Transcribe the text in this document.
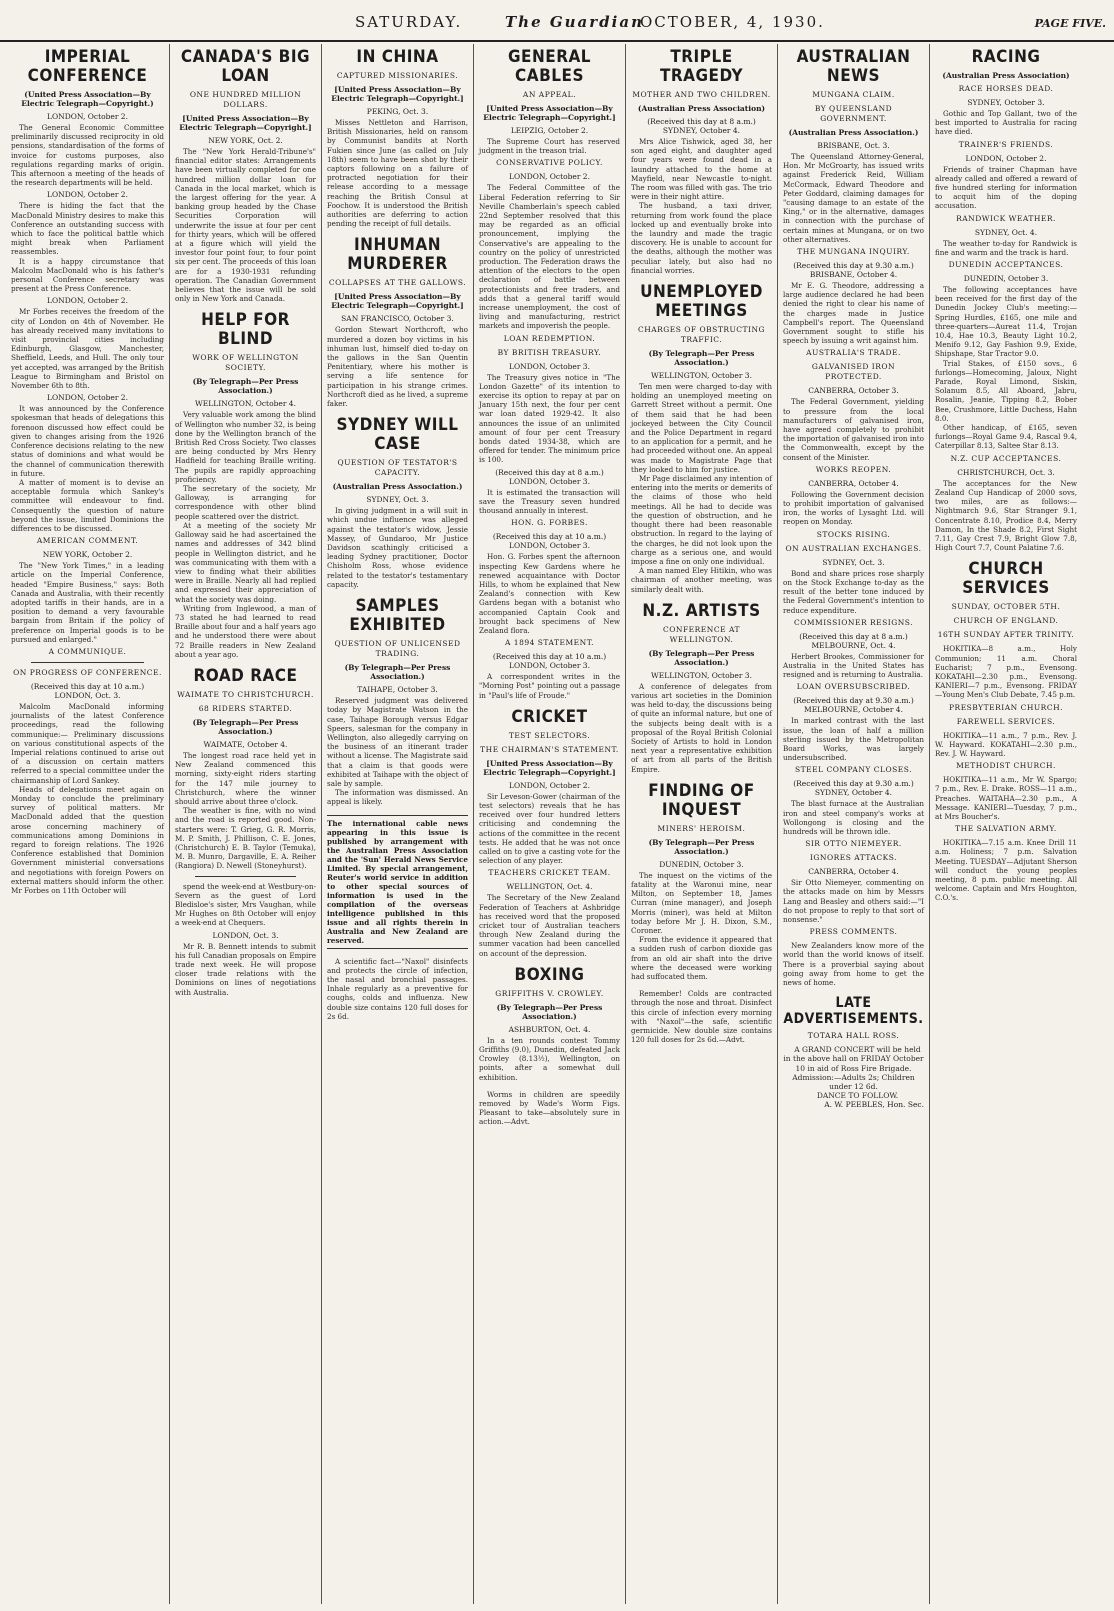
SATURDAY.	The Guardian
OCTOBER, 4, 1930.	PAGE FIVE.
IMPERIAL CONFERENCE
(United Press Association—By Electric Telegraph—Copyright.)
LONDON, October 2.

The General Economic Committee preliminarily discussed reciprocity in old pensions, standardisation of the forms of invoice for customs purposes, also regulations regarding marks of origin. This afternoon a meeting of the heads of the research departments will be held.

LONDON, October 2.

There is hiding the fact that the MacDonald Ministry desires to make this Conference an outstanding success with which to face the political battle which might break when Parliament reassembles.

It is a happy circumstance that Malcolm MacDonald who is his father's personal Conference secretary was present at the Press Conference.

LONDON, October 2.

Mr Forbes receives the freedom of the city of London on 4th of November. He has already received many invitations to visit provincial cities including Edinburgh, Glasgow, Manchester, Sheffield, Leeds, and Hull. The only tour yet accepted, was arranged by the British League to Birmingham and Bristol on November 6th to 8th.

LONDON, October 2.

It was announced by the Conference spokesman that heads of delegations this forenoon discussed how effect could be given to changes arising from the 1926 Conference decisions relating to the new status of dominions and what would be the channel of communication therewith in future.

A matter of moment is to devise an acceptable formula which Sankey's committee will endeavour to find. Consequently the question of nature beyond the issue, limited Dominions the differences to be discussed.

AMERICAN COMMENT.
NEW YORK, October 2.

The "New York Times," in a leading article on the Imperial Conference, headed "Empire Business," says: Both Canada and Australia, with their recently adopted tariffs in their hands, are in a position to demand a very favourable bargain from Britain if the policy of preference on Imperial goods is to be pursued and enlarged."

A COMMUNIQUE.
ON PROGRESS OF CONFERENCE.
(Received this day at 10 a.m.) LONDON, Oct. 3.

Malcolm MacDonald informing journalists of the latest Conference proceedings, read the following communique:— Preliminary discussions on various constitutional aspects of the Imperial relations continued to arise out of a discussion on certain matters referred to a special committee under the chairmanship of Lord Sankey.

Heads of delegations meet again on Monday to conclude the preliminary survey of political matters. Mr MacDonald added that the question arose concerning machinery of communications among Dominions in regard to foreign relations. The 1926 Conference established that Dominion Government ministerial conversations and negotiations with foreign Powers on external matters should inform the other. Mr Forbes on 11th October will

CANADA'S BIG LOAN
ONE HUNDRED MILLION DOLLARS.
[United Press Association—By Electric Telegraph—Copyright.]
NEW YORK, Oct. 2.

The "New York Herald-Tribune's" financial editor states: Arrangements have been virtually completed for one hundred million dollar loan for Canada in the local market, which is the largest offering for the year. A banking group headed by the Chase Securities Corporation will underwrite the issue at four per cent for thirty years, which will be offered at a figure which will yield the investor four point four, to four point six per cent. The proceeds of this loan are for a 1930-1931 refunding operation. The Canadian Government believes that the issue will be sold only in New York and Canada.

HELP FOR BLIND
WORK OF WELLINGTON SOCIETY.
(By Telegraph—Per Press Association.)
WELLINGTON, October 4.

Very valuable work among the blind of Wellington who number 32, is being done by the Wellington branch of the British Red Cross Society. Two classes are being conducted by Mrs Henry Hadfield for teaching Braille writing. The pupils are rapidly approaching proficiency.

The secretary of the society, Mr Galloway, is arranging for correspondence with other blind people scattered over the district.

At a meeting of the society Mr Galloway said he had ascertained the names and addresses of 342 blind people in Wellington district, and he was communicating with them with a view to finding what their abilities were in Braille. Nearly all had replied and expressed their appreciation of what the society was doing.

Writing from Inglewood, a man of 73 stated he had learned to read Braille about four and a half years ago and he understood there were about 72 Braille readers in New Zealand about a year ago.

ROAD RACE
WAIMATE TO CHRISTCHURCH.
68 RIDERS STARTED.
(By Telegraph—Per Press Association.)
WAIMATE, October 4.

The longest road race held yet in New Zealand commenced this morning, sixty-eight riders starting for the 147 mile journey to Christchurch, where the winner should arrive about three o'clock.

The weather is fine, with no wind and the road is reported good. Non-starters were: T. Grieg, G. R. Morris, M. P. Smith, J. Phillison, C. E. Jones, (Christchurch) E. B. Taylor (Temuka), M. B. Munro, Dargaville, E. A. Reiher (Rangiora) D. Newell (Stoneyhurst).

spend the week-end at Westbury-on-Severn as the guest of Lord Bledisloe's sister, Mrs Vaughan, while Mr Hughes on 8th October will enjoy a week-end at Chequers.

LONDON, Oct. 3.

Mr R. B. Bennett intends to submit his full Canadian proposals on Empire trade next week. He will propose closer trade relations with the Dominions on lines of negotiations with Australia.

IN CHINA
CAPTURED MISSIONARIES.
[United Press Association—By Electric Telegraph—Copyright.]
PEKING, Oct. 3.

Misses Nettleton and Harrison, British Missionaries, held on ransom by Communist bandits at North Fukien since June (as called on July 18th) seem to have been shot by their captors following on a failure of protracted negotiation for their release according to a message reaching the British Consul at Foochow. It is understood the British authorities are deferring to action pending the receipt of full details.

INHUMAN MURDERER
COLLAPSES AT THE GALLOWS.
[United Press Association—By Electric Telegraph—Copyright.]
SAN FRANCISCO, October 3.

Gordon Stewart Northcroft, who murdered a dozen boy victims in his inhuman lust, himself died to-day on the gallows in the San Quentin Penitentiary, where his mother is serving a life sentence for participation in his strange crimes. Northcroft died as he lived, a supreme faker.

SYDNEY WILL CASE
QUESTION OF TESTATOR'S CAPACITY.
(Australian Press Association.)
SYDNEY, Oct. 3.

In giving judgment in a will suit in which undue influence was alleged against the testator's widow, Jessie Massey, of Gundaroo, Mr Justice Davidson scathingly criticised a leading Sydney practitioner, Doctor Chisholm Ross, whose evidence related to the testator's testamentary capacity.

SAMPLES EXHIBITED
QUESTION OF UNLICENSED TRADING.
(By Telegraph—Per Press Association.)
TAIHAPE, October 3.

Reserved judgment was delivered today by Magistrate Watson in the case, Taihape Borough versus Edgar Speers, salesman for the company in Wellington, also allegedly carrying on the business of an itinerant trader without a license. The Magistrate said that a claim is that goods were exhibited at Taihape with the object of sale by sample.

The information was dismissed. An appeal is likely.

The international cable news appearing in this issue is published by arrangement with the Australian Press Association and the 'Sun' Herald News Service Limited. By special arrangement, Reuter's world service in addition to other special sources of information is used in the compilation of the overseas intelligence published in this issue and all rights therein in Australia and New Zealand are reserved.

A scientific fact—"Naxol" disinfects and protects the circle of infection, the nasal and bronchial passages. Inhale regularly as a preventive for coughs, colds and influenza. New double size contains 120 full doses for 2s 6d.

GENERAL CABLES
AN APPEAL.
[United Press Association—By Electric Telegraph—Copyright.]
LEIPZIG, October 2.

The Supreme Court has reserved judgment in the treason trial.

CONSERVATIVE POLICY.
LONDON, October 2.

The Federal Committee of the Liberal Federation referring to Sir Neville Chamberlain's speech cabled 22nd September resolved that this may be regarded as an official pronouncement, implying the Conservative's are appealing to the country on the policy of unrestricted production. The Federation draws the attention of the electors to the open declaration of battle between protectionists and free traders, and adds that a general tariff would increase unemployment, the cost of living and manufacturing, restrict markets and impoverish the people.

LOAN REDEMPTION.
BY BRITISH TREASURY.
LONDON, October 3.

The Treasury gives notice in "The London Gazette" of its intention to exercise its option to repay at par on January 15th next, the four per cent war loan dated 1929-42. It also announces the issue of an unlimited amount of four per cent Treasury bonds dated 1934-38, which are offered for tender. The minimum price is 100.

(Received this day at 8 a.m.) LONDON, October 3.

It is estimated the transaction will save the Treasury seven hundred thousand annually in interest.

HON. G. FORBES.
(Received this day at 10 a.m.) LONDON, October 3.

Hon. G. Forbes spent the afternoon inspecting Kew Gardens where he renewed acquaintance with Doctor Hills, to whom he explained that New Zealand's connection with Kew Gardens began with a botanist who accompanied Captain Cook and brought back specimens of New Zealand flora.

A 1894 STATEMENT.
(Received this day at 10 a.m.) LONDON, October 3.

A correspondent writes in the "Morning Post" pointing out a passage in "Paul's life of Froude."

CRICKET
TEST SELECTORS.
THE CHAIRMAN'S STATEMENT.
[United Press Association—By Electric Telegraph—Copyright.]
LONDON, October 2.

Sir Leveson-Gower (chairman of the test selectors) reveals that he has received over four hundred letters criticising and condemning the actions of the committee in the recent tests. He added that he was not once called on to give a casting vote for the selection of any player.

TEACHERS CRICKET TEAM.
WELLINGTON, Oct. 4.

The Secretary of the New Zealand Federation of Teachers at Ashbridge has received word that the proposed cricket tour of Australian teachers through New Zealand during the summer vacation had been cancelled on account of the depression.

BOXING
GRIFFITHS V. CROWLEY.
(By Telegraph—Per Press Association.)
ASHBURTON, Oct. 4.

In a ten rounds contest Tommy Griffiths (9.0), Dunedin, defeated Jack Crowley (8.13½), Wellington, on points, after a somewhat dull exhibition.

Worms in children are speedily removed by Wade's Worm Figs. Pleasant to take—absolutely sure in action.—Advt.

TRIPLE TRAGEDY
MOTHER AND TWO CHILDREN.
(Australian Press Association)
(Received this day at 8 a.m.) SYDNEY, October 4.

Mrs Alice Tishwick, aged 38, her son aged eight, and daughter aged four years were found dead in a laundry attached to the home at Mayfield, near Newcastle to-night. The room was filled with gas. The trio were in their night attire.

The husband, a taxi driver, returning from work found the place locked up and eventually broke into the laundry and made the tragic discovery. He is unable to account for the deaths, although the mother was peculiar lately, but also had no financial worries.

UNEMPLOYED MEETINGS
CHARGES OF OBSTRUCTING TRAFFIC.
(By Telegraph—Per Press Association.)
WELLINGTON, October 3.

Ten men were charged to-day with holding an unemployed meeting on Garrett Street without a permit. One of them said that he had been jockeyed between the City Council and the Police Department in regard to an application for a permit, and he had proceeded without one. An appeal was made to Magistrate Page that they looked to him for justice.

Mr Page disclaimed any intention of entering into the merits or demerits of the claims of those who held meetings. All he had to decide was the question of obstruction, and he thought there had been reasonable obstruction. In regard to the laying of the charges, he did not look upon the charge as a serious one, and would impose a fine on only one individual.

A man named Eley Hitikin, who was chairman of another meeting, was similarly dealt with.

N.Z. ARTISTS
CONFERENCE AT WELLINGTON.
(By Telegraph—Per Press Association.)
WELLINGTON, October 3.

A conference of delegates from various art societies in the Dominion was held to-day, the discussions being of quite an informal nature, but one of the subjects being dealt with is a proposal of the Royal British Colonial Society of Artists to hold in London next year a representative exhibition of art from all parts of the British Empire.

FINDING OF INQUEST
MINERS' HEROISM.
(By Telegraph—Per Press Association.)
DUNEDIN, October 3.

The inquest on the victims of the fatality at the Waronui mine, near Milton, on September 18, James Curran (mine manager), and Joseph Morris (miner), was held at Milton today before Mr J. H. Dixon, S.M., Coroner.

From the evidence it appeared that a sudden rush of carbon dioxide gas from an old air shaft into the drive where the deceased were working had suffocated them.

Remember! Colds are contracted through the nose and throat. Disinfect this circle of infection every morning with "Naxol"—the safe, scientific germicide. New double size contains 120 full doses for 2s 6d.—Advt.

AUSTRALIAN NEWS
MUNGANA CLAIM.
BY QUEENSLAND GOVERNMENT.
(Australian Press Association.)
BRISBANE, Oct. 3.

The Queensland Attorney-General, Hon. Mr McGroarty, has issued writs against Frederick Reid, William McCormack, Edward Theodore and Peter Goddard, claiming damages for "causing damage to an estate of the King," or in the alternative, damages in connection with the purchase of certain mines at Mungana, or on two other alternatives.

THE MUNGANA INQUIRY.
(Received this day at 9.30 a.m.) BRISBANE, October 4.

Mr E. G. Theodore, addressing a large audience declared he had been denied the right to clear his name of the charges made in Justice Campbell's report. The Queensland Government sought to stifle his speech by issuing a writ against him.

AUSTRALIA'S TRADE.
GALVANISED IRON PROTECTED.
CANBERRA, October 3.

The Federal Government, yielding to pressure from the local manufacturers of galvanised iron, have agreed completely to prohibit the importation of galvanised iron into the Commonwealth, except by the consent of the Minister.

WORKS REOPEN.
CANBERRA, October 4.

Following the Government decision to prohibit importation of galvanised iron, the works of Lysaght Ltd. will reopen on Monday.

STOCKS RISING.
ON AUSTRALIAN EXCHANGES.
SYDNEY, Oct. 3.

Bond and share prices rose sharply on the Stock Exchange to-day as the result of the better tone induced by the Federal Government's intention to reduce expenditure.

COMMISSIONER RESIGNS.
(Received this day at 8 a.m.) MELBOURNE, Oct. 4.

Herbert Brookes, Commissioner for Australia in the United States has resigned and is returning to Australia.

LOAN OVERSUBSCRIBED.
(Received this day at 9.30 a.m.) MELBOURNE, October 4.

In marked contrast with the last issue, the loan of half a million sterling issued by the Metropolitan Board Works, was largely undersubscribed.

STEEL COMPANY CLOSES.
(Received this day at 9.30 a.m.) SYDNEY, October 4.

The blast furnace at the Australian iron and steel company's works at Wollongong is closing and the hundreds will be thrown idle.

SIR OTTO NIEMEYER.
IGNORES ATTACKS.
CANBERRA, October 4.

Sir Otto Niemeyer, commenting on the attacks made on him by Messrs Lang and Beasley and others said:—"I do not propose to reply to that sort of nonsense."

PRESS COMMENTS.

New Zealanders know more of the world than the world knows of itself. There is a proverbial saying about going away from home to get the news of home.

LATE ADVERTISEMENTS.
TOTARA HALL ROSS.

A GRAND CONCERT will be held in the above hall on FRIDAY October 10 in aid of Ross Fire Brigade. Admission:—Adults 2s; Children under 12 6d.

DANCE TO FOLLOW.

A. W. PEEBLES, Hon. Sec.
RACING
(Australian Press Association)
RACE HORSES DEAD.
SYDNEY, October 3.

Gothic and Top Gallant, two of the best imported to Australia for racing have died.

TRAINER'S FRIENDS.
LONDON, October 2.

Friends of trainer Chapman have already called and offered a reward of five hundred sterling for information to acquit him of the doping accusation.

RANDWICK WEATHER.
SYDNEY, Oct. 4.

The weather to-day for Randwick is fine and warm and the track is hard.

DUNEDIN ACCEPTANCES.
DUNEDIN, October 3.

The following acceptances have been received for the first day of the Dunedin Jockey Club's meeting:— Spring Hurdles, £165, one mile and three-quarters—Aureat 11.4, Trojan 10.4, Hae 10.3, Beauty Light 10.2, Menifo 9.12, Gay Fashion 9.9, Exide, Shipshape, Star Tractor 9.0.

Trial Stakes, of £150 sovs., 6 furlongs—Homecoming, Jaloux, Night Parade, Royal Limond, Siskin, Solanum 8.5, All Aboard, Jabru, Rosalin, Jeanie, Tipping 8.2, Bober Bee, Crushmore, Little Duchess, Hahn 8.0.

Other handicap, of £165, seven furlongs—Royal Game 9.4, Rascal 9.4, Caterpillar 8.13, Saltee Star 8.13.

N.Z. CUP ACCEPTANCES.
CHRISTCHURCH, Oct. 3.

The acceptances for the New Zealand Cup Handicap of 2000 sovs, two miles, are as follows:—Nightmarch 9.6, Star Stranger 9.1, Concentrate 8.10, Prodice 8.4, Merry Damon, In the Shade 8.2, First Sight 7.11, Gay Crest 7.9, Bright Glow 7.8, High Court 7.7, Count Palatine 7.6.

CHURCH SERVICES
SUNDAY, OCTOBER 5TH.
CHURCH OF ENGLAND.
16TH SUNDAY AFTER TRINITY.

HOKITIKA—8 a.m., Holy Communion; 11 a.m. Choral Eucharist; 7 p.m., Evensong. KOKATAHI—2.30 p.m., Evensong. KANIERI—7 p.m., Evensong. FRIDAY—Young Men's Club Debate, 7.45 p.m.

PRESBYTERIAN CHURCH.
FAREWELL SERVICES.

HOKITIKA—11 a.m., 7 p.m., Rev. J. W. Hayward. KOKATAHI—2.30 p.m., Rev. J. W. Hayward.

METHODIST CHURCH.

HOKITIKA—11 a.m., Mr W. Spargo; 7 p.m., Rev. E. Drake. ROSS—11 a.m., Preaches. WAITAHA—2.30 p.m., A Message. KANIERI—Tuesday, 7 p.m., at Mrs Boucher's.

THE SALVATION ARMY.

HOKITIKA—7.15 a.m. Knee Drill 11 a.m. Holiness; 7 p.m. Salvation Meeting. TUESDAY—Adjutant Sherson will conduct the young peoples meeting, 8 p.m. public meeting. All welcome. Captain and Mrs Houghton, C.O.'s.
